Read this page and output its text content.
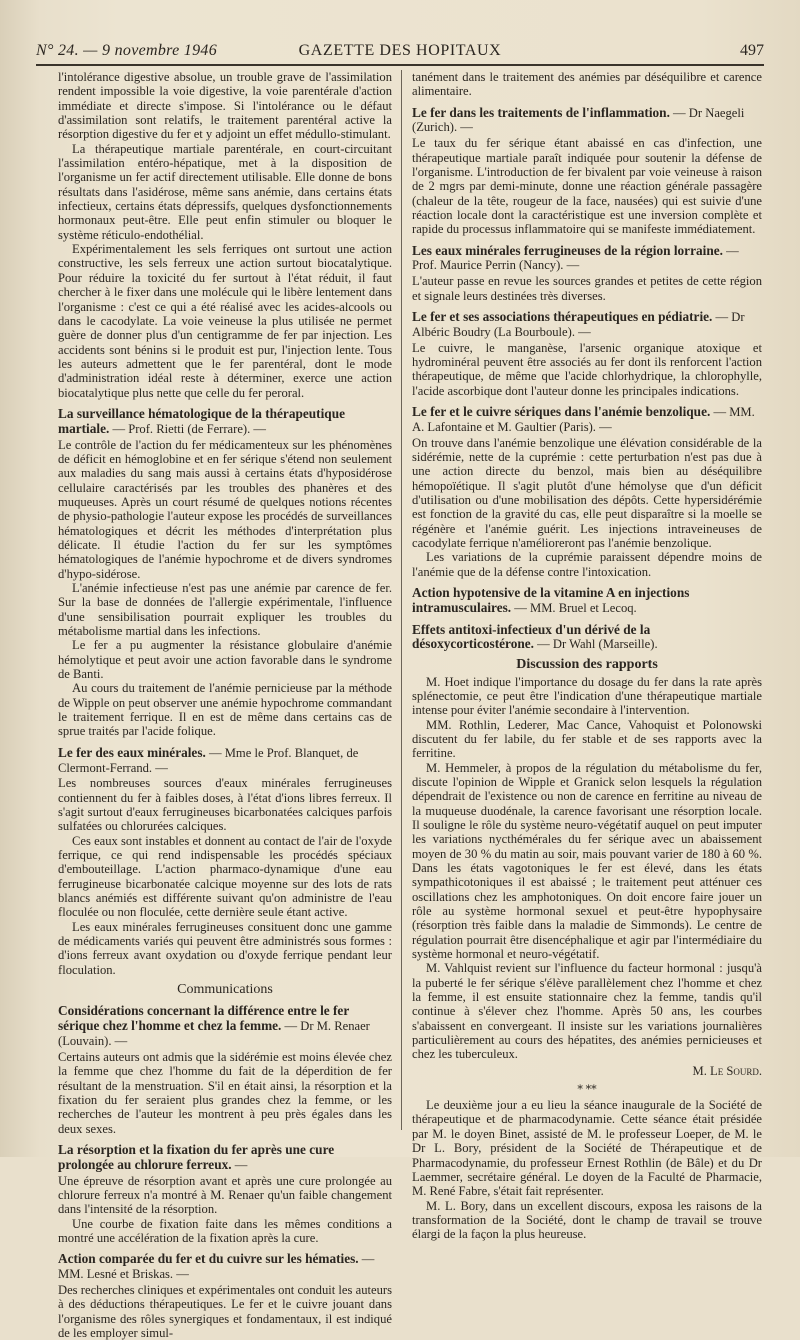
N° 24. — 9 novembre 1946	GAZETTE DES HOPITAUX	497

l'intolérance digestive absolue, un trouble grave de l'assimilation rendent impossible la voie digestive, la voie parentérale d'action immédiate et directe s'impose. Si l'intolérance ou le défaut d'assimilation sont relatifs, le traitement parentéral active la résorption digestive du fer et y adjoint un effet médullo-stimulant.

La thérapeutique martiale parentérale, en court-circuitant l'assimilation entéro-hépatique, met à la disposition de l'organisme un fer actif directement utilisable. Elle donne de bons résultats dans l'asidérose, même sans anémie, dans certains états infectieux, certains états dépressifs, quelques dysfonctionnements hormonaux peut-être. Elle peut enfin stimuler ou bloquer le système réticulo-endothélial.

Expérimentalement les sels ferriques ont surtout une action constructive, les sels ferreux une action surtout biocatalytique. Pour réduire la toxicité du fer surtout à l'état réduit, il faut chercher à le fixer dans une molécule qui le libère lentement dans l'organisme : c'est ce qui a été réalisé avec les acides-alcools ou dans le cacodylate. La voie veineuse la plus utilisée ne permet guère de donner plus d'un centigramme de fer par injection. Les accidents sont bénins si le produit est pur, l'injection lente. Tous les auteurs admettent que le fer parentéral, dont le mode d'administration idéal reste à déterminer, exerce une action biocatalytique plus nette que celle du fer peroral.

La surveillance hématologique de la thérapeutique martiale. — Prof. Rietti (de Ferrare). —

Le contrôle de l'action du fer médicamenteux sur les phénomènes de déficit en hémoglobine et en fer sérique s'étend non seulement aux maladies du sang mais aussi à certains états d'hyposidérose cellulaire caractérisés par les troubles des phanères et des muqueuses. Après un court résumé de quelques notions récentes de physio-pathologie l'auteur expose les procédés de surveillances hématologiques et décrit les méthodes d'interprétation plus délicate. Il étudie l'action du fer sur les symptômes hématologiques de l'anémie hypochrome et de divers syndromes d'hypo-sidérose.

L'anémie infectieuse n'est pas une anémie par carence de fer. Sur la base de données de l'allergie expérimentale, l'influence d'une sensibilisation pourrait expliquer les troubles du métabolisme martial dans les infections.

Le fer a pu augmenter la résistance globulaire d'anémie hémolytique et peut avoir une action favorable dans le syndrome de Banti.

Au cours du traitement de l'anémie pernicieuse par la méthode de Wipple on peut observer une anémie hypochrome commandant le traitement ferrique. Il en est de même dans certains cas de sprue traités par l'acide folique.

Le fer des eaux minérales. — Mme le Prof. Blanquet, de Clermont-Ferrand. —

Les nombreuses sources d'eaux minérales ferrugineuses contiennent du fer à faibles doses, à l'état d'ions libres ferreux. Il s'agit surtout d'eaux ferrugineuses bicarbonatées calciques parfois sulfatées ou chlorurées calciques.

Ces eaux sont instables et donnent au contact de l'air de l'oxyde ferrique, ce qui rend indispensable les procédés spéciaux d'embouteillage. L'action pharmaco-dynamique d'une eau ferrugineuse bicarbonatée calcique moyenne sur des lots de rats blancs anémiés est différente suivant qu'on administre de l'eau floculée ou non floculée, cette dernière seule étant active.

Les eaux minérales ferrugineuses consituent donc une gamme de médicaments variés qui peuvent être administrés sous formes : d'ions ferreux avant oxydation ou d'oxyde ferrique pendant leur floculation.

Communications
Considérations concernant la différence entre le fer sérique chez l'homme et chez la femme. — Dr M. Renaer (Louvain). —

Certains auteurs ont admis que la sidérémie est moins élevée chez la femme que chez l'homme du fait de la déperdition de fer résultant de la menstruation. S'il en était ainsi, la résorption et la fixation du fer seraient plus grandes chez la femme, or les recherches de l'auteur les montrent à peu près égales dans les deux sexes.

La résorption et la fixation du fer après une cure prolongée au chlorure ferreux. —

Une épreuve de résorption avant et après une cure prolongée au chlorure ferreux n'a montré à M. Renaer qu'un faible changement dans l'intensité de la résorption.

Une courbe de fixation faite dans les mêmes conditions a montré une accélération de la fixation après la cure.

Action comparée du fer et du cuivre sur les hématies. — MM. Lesné et Briskas. —

Des recherches cliniques et expérimentales ont conduit les auteurs à des déductions thérapeutiques. Le fer et le cuivre jouant dans l'organisme des rôles synergiques et fondamentaux, il est indiqué de les employer simul-

tanément dans le traitement des anémies par déséquilibre et carence alimentaire.

Le fer dans les traitements de l'inflammation. — Dr Naegeli (Zurich). —

Le taux du fer sérique étant abaissé en cas d'infection, une thérapeutique martiale paraît indiquée pour soutenir la défense de l'organisme. L'introduction de fer bivalent par voie veineuse à raison de 2 mgrs par demi-minute, donne une réaction générale passagère (chaleur de la tête, rougeur de la face, nausées) qui est suivie d'une réaction locale dont la caractéristique est une inversion complète et rapide du processus inflammatoire qui se manifeste immédiatement.

Les eaux minérales ferrugineuses de la région lorraine. — Prof. Maurice Perrin (Nancy). —

L'auteur passe en revue les sources grandes et petites de cette région et signale leurs destinées très diverses.

Le fer et ses associations thérapeutiques en pédiatrie. — Dr Albéric Boudry (La Bourboule). —

Le cuivre, le manganèse, l'arsenic organique atoxique et hydrominéral peuvent être associés au fer dont ils renforcent l'action thérapeutique, de même que l'acide chlorhydrique, la chlorophylle, l'acide ascorbique dont l'auteur donne les principales indications.

Le fer et le cuivre sériques dans l'anémie benzolique. — MM. A. Lafontaine et M. Gaultier (Paris). —

On trouve dans l'anémie benzolique une élévation considérable de la sidérémie, nette de la cuprémie : cette perturbation n'est pas due à une action directe du benzol, mais bien au déséquilibre hémopoïétique. Il s'agit plutôt d'une hémolyse que d'un déficit d'utilisation ou d'une mobilisation des dépôts. Cette hypersidérémie est fonction de la gravité du cas, elle peut disparaître si la moelle se régénère et l'anémie guérit. Les injections intraveineuses de cacodylate ferrique n'amélioreront pas l'anémie benzolique.

Les variations de la cuprémie paraissent dépendre moins de l'anémie que de la défense contre l'intoxication.

Action hypotensive de la vitamine A en injections intramusculaires. — MM. Bruel et Lecoq.
Effets antitoxi-infectieux d'un dérivé de la désoxycorticostérone. — Dr Wahl (Marseille).
Discussion des rapports

M. Hoet indique l'importance du dosage du fer dans la rate après splénectomie, ce peut être l'indication d'une thérapeutique martiale intense pour éviter l'anémie secondaire à l'intervention.

MM. Rothlin, Lederer, Mac Cance, Vahoquist et Polonowski discutent du fer labile, du fer stable et de ses rapports avec la ferritine.

M. Hemmeler, à propos de la régulation du métabolisme du fer, discute l'opinion de Wipple et Granick selon lesquels la régulation dépendrait de l'existence ou non de carence en ferritine au niveau de la muqueuse duodénale, la carence favorisant une résorption locale. Il souligne le rôle du système neuro-végétatif auquel on peut imputer les variations nycthémérales du fer sérique avec un abaissement moyen de 30 % du matin au soir, mais pouvant varier de 180 à 60 %. Dans les états vagotoniques le fer est élevé, dans les états sympathicotoniques il est abaissé ; le traitement peut atténuer ces oscillations chez les amphotoniques. On doit encore faire jouer un rôle au système hormonal sexuel et peut-être hypophysaire (résorption très faible dans la maladie de Simmonds). Le centre de régulation pourrait être disencéphalique et agir par l'intermédiaire du système hormonal et neuro-végétatif.

M. Vahlquist revient sur l'influence du facteur hormonal : jusqu'à la puberté le fer sérique s'élève parallèlement chez l'homme et chez la femme, il est ensuite stationnaire chez la femme, tandis qu'il continue à s'élever chez l'homme. Après 50 ans, les courbes s'abaissent en convergeant. Il insiste sur les variations journalières particulièrement au cours des hépatites, des anémies pernicieuses et chez les tuberculeux.

M. Le Sourd.
⁎ ⁎⁎

Le deuxième jour a eu lieu la séance inaugurale de la Société de thérapeutique et de pharmacodynamie. Cette séance était présidée par M. le doyen Binet, assisté de M. le professeur Loeper, de M. le Dr L. Bory, président de la Société de Thérapeutique et de Pharmacodynamie, du professeur Ernest Rothlin (de Bâle) et du Dr Laemmer, secrétaire général. Le doyen de la Faculté de Pharmacie, M. René Fabre, s'était fait représenter.

M. L. Bory, dans un excellent discours, exposa les raisons de la transformation de la Société, dont le champ de travail se trouve élargi de la façon la plus heureuse.
